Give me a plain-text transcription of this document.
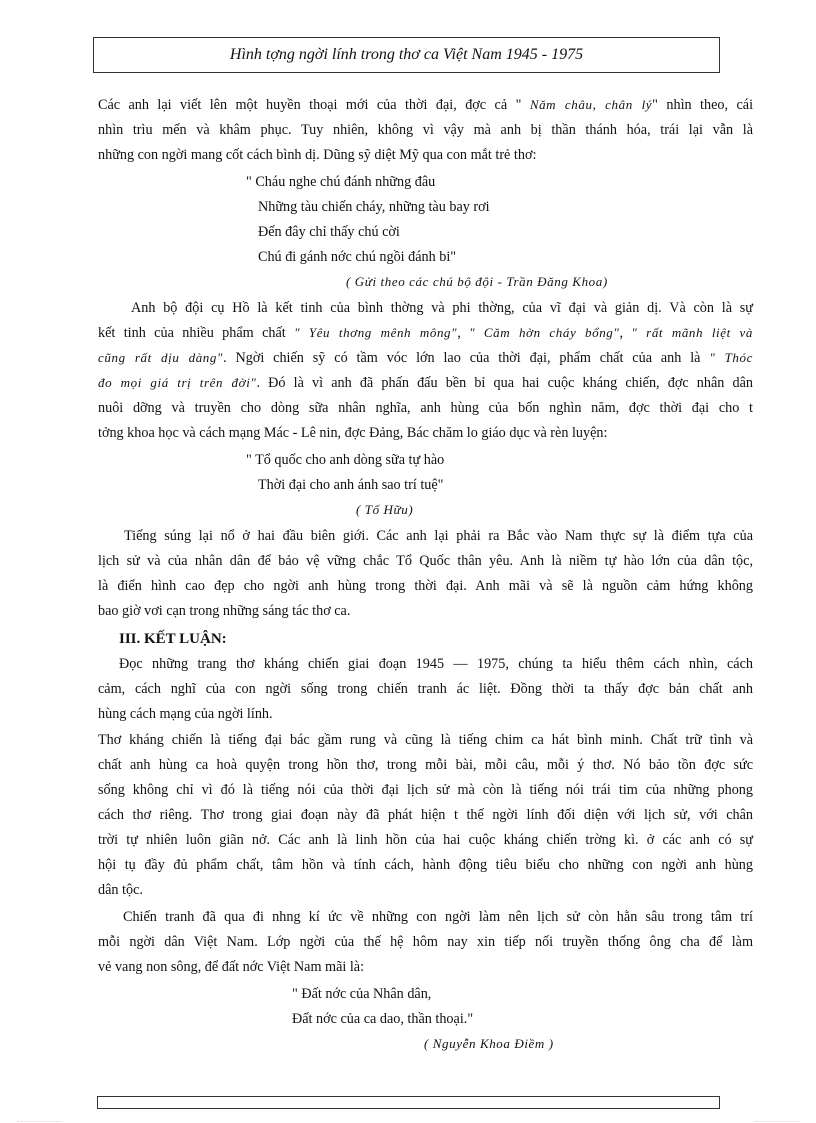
Hình tợng ngời lính trong thơ ca Việt Nam 1945 - 1975
Các anh lại viết lên một huyền thoại mới của thời đại, đợc cả " Năm châu, chân lý" nhìn theo, cái
nhìn trìu mến và khâm phục. Tuy nhiên, không vì vậy mà anh bị thần thánh hóa, trái lại vẫn là
những con ngời mang cốt cách bình dị. Dũng sỹ diệt Mỹ qua con mắt trẻ thơ:
" Cháu nghe chú đánh những đâu
Những tàu chiến cháy, những tàu bay rơi
Đến đây chỉ thấy chú cời
Chú đi gánh nớc chú ngồi đánh bi"
( Gửi theo các chú bộ đội - Trần Đăng Khoa)
Anh bộ đội cụ Hồ là kết tinh của bình thờng và phi thờng, của vĩ đại và giản dị. Và còn là sự
kết tinh của nhiều phẩm chất " Yêu thơng mênh mông", " Căm hờn cháy bổng", " rất mãnh liệt và
cũng rất dịu dàng". Ngời chiến sỹ có tầm vóc lớn lao của thời đại, phẩm chất của anh là " Thóc
đo mọi giá trị trên đời". Đó là vì anh đã phấn đấu bền bỉ qua hai cuộc kháng chiến, đợc nhân dân
nuôi dỡng và truyền cho dòng sữa nhân nghĩa, anh hùng của bốn nghìn năm, đợc thời đại cho t
tởng khoa học và cách mạng Mác - Lê nin, đợc Đảng, Bác chăm lo giáo dục và rèn luyện:
" Tổ quốc cho anh dòng sữa tự hào
Thời đại cho anh ánh sao trí tuệ"
( Tố Hữu)
Tiếng súng lại nổ ở hai đầu biên giới. Các anh lại phải ra Bắc vào Nam thực sự là điểm tựa của
lịch sử và của nhân dân để bảo vệ vững chắc Tổ Quốc thân yêu. Anh là niềm tự hào lớn của dân tộc,
là điển hình cao đẹp cho ngời anh hùng trong thời đại. Anh mãi và sẽ là nguồn cảm hứng không
bao giờ vơi cạn trong những sáng tác thơ ca.
III. KẾT LUẬN:
Đọc những trang thơ kháng chiến giai đoạn 1945 — 1975, chúng ta hiểu thêm cách nhìn, cách
cảm, cách nghĩ của con ngời sống trong chiến tranh ác liệt. Đồng thời ta thấy đợc bản chất anh
hùng cách mạng của ngời lính.
Thơ kháng chiến là tiếng đại bác gầm rung và cũng là tiếng chim ca hát bình minh. Chất trữ tình và
chất anh hùng ca hoà quyện trong hồn thơ, trong mỗi bài, mỗi câu, mỗi ý thơ. Nó bảo tồn đợc sức
sống không chỉ vì đó là tiếng nói của thời đại lịch sử mà còn là tiếng nói trái tim của những phong
cách thơ riêng. Thơ trong giai đoạn này đã phát hiện t thế ngời lính đối diện với lịch sử, với chân
trời tự nhiên luôn giãn nở. Các anh là linh hồn của hai cuộc kháng chiến trờng kì. ở các anh có sự
hội tụ đầy đủ phẩm chất, tâm hồn và tính cách, hành động tiêu biểu cho những con ngời anh hùng
dân tộc.
Chiến tranh đã qua đi nhng kí ức về những con ngời làm nên lịch sử còn hằn sâu trong tâm trí
mỗi ngời dân Việt Nam. Lớp ngời của thế hệ hôm nay xin tiếp nối truyền thống ông cha để làm
vẻ vang non sông, để đất nớc Việt Nam mãi là:
" Đất nớc của Nhân dân,
Đất nớc của ca dao, thần thoại."
( Nguyễn Khoa Điềm )
